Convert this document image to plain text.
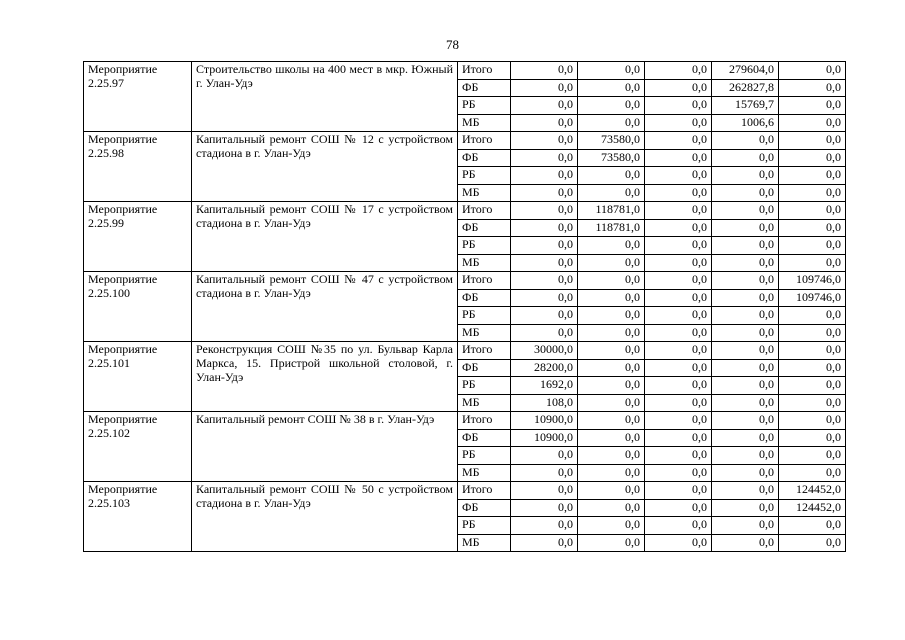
78
Мероприятие 2.25.97	Строительство школы на 400 мест в мкр. Южный г. Улан-Удэ	Итого	0,0	0,0	0,0	279604,0	0,0
		ФБ	0,0	0,0	0,0	262827,8	0,0
		РБ	0,0	0,0	0,0	15769,7	0,0
		МБ	0,0	0,0	0,0	1006,6	0,0
Мероприятие 2.25.98	Капитальный ремонт СОШ № 12 с устройством стадиона в г. Улан-Удэ	Итого	0,0	73580,0	0,0	0,0	0,0
		ФБ	0,0	73580,0	0,0	0,0	0,0
		РБ	0,0	0,0	0,0	0,0	0,0
		МБ	0,0	0,0	0,0	0,0	0,0
Мероприятие 2.25.99	Капитальный ремонт СОШ № 17 с устройством стадиона в г. Улан-Удэ	Итого	0,0	118781,0	0,0	0,0	0,0
		ФБ	0,0	118781,0	0,0	0,0	0,0
		РБ	0,0	0,0	0,0	0,0	0,0
		МБ	0,0	0,0	0,0	0,0	0,0
Мероприятие 2.25.100	Капитальный ремонт СОШ № 47 с устройством стадиона в г. Улан-Удэ	Итого	0,0	0,0	0,0	0,0	109746,0
		ФБ	0,0	0,0	0,0	0,0	109746,0
		РБ	0,0	0,0	0,0	0,0	0,0
		МБ	0,0	0,0	0,0	0,0	0,0
Мероприятие 2.25.101	Реконструкция СОШ №35 по ул. Бульвар Карла Маркса, 15. Пристрой школьной столовой, г. Улан-Удэ	Итого	30000,0	0,0	0,0	0,0	0,0
		ФБ	28200,0	0,0	0,0	0,0	0,0
		РБ	1692,0	0,0	0,0	0,0	0,0
		МБ	108,0	0,0	0,0	0,0	0,0
Мероприятие 2.25.102	Капитальный ремонт СОШ № 38 в г. Улан-Удэ	Итого	10900,0	0,0	0,0	0,0	0,0
		ФБ	10900,0	0,0	0,0	0,0	0,0
		РБ	0,0	0,0	0,0	0,0	0,0
		МБ	0,0	0,0	0,0	0,0	0,0
Мероприятие 2.25.103	Капитальный ремонт СОШ № 50 с устройством стадиона в г. Улан-Удэ	Итого	0,0	0,0	0,0	0,0	124452,0
		ФБ	0,0	0,0	0,0	0,0	124452,0
		РБ	0,0	0,0	0,0	0,0	0,0
		МБ	0,0	0,0	0,0	0,0	0,0
